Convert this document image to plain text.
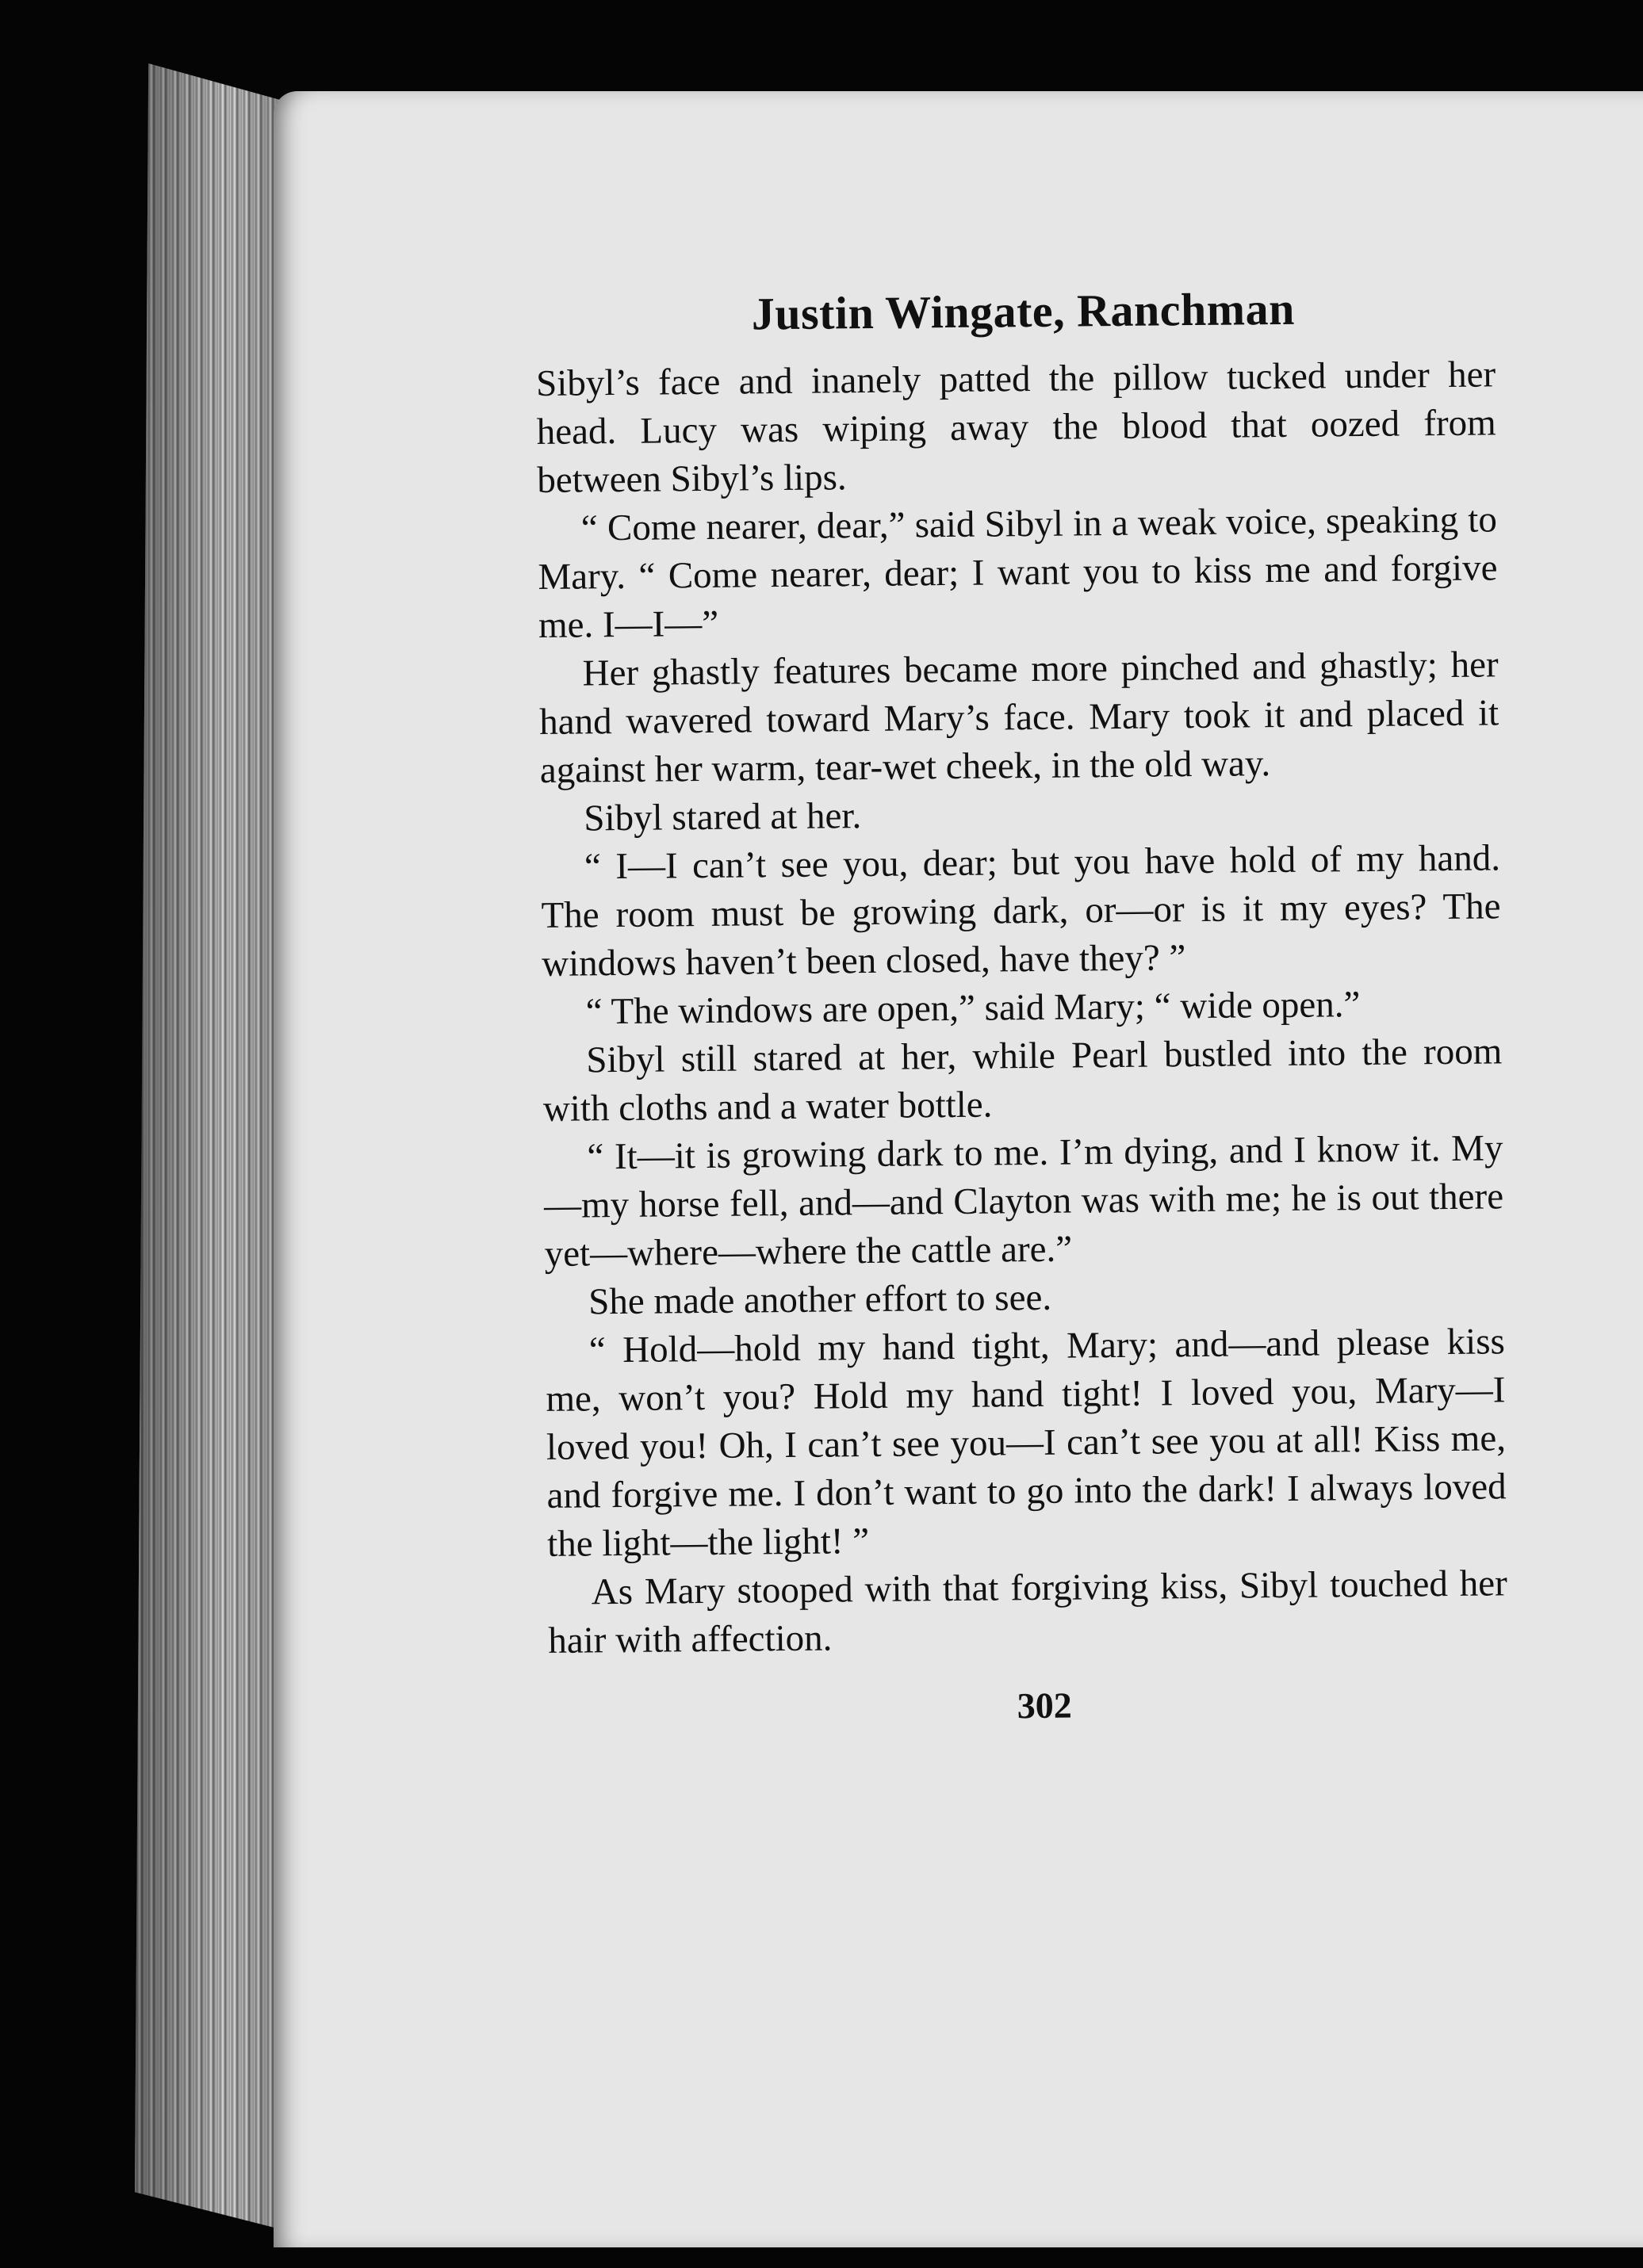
Justin Wingate, Ranchman

Sibyl’s face and inanely patted the pillow tucked under her head. Lucy was wiping away the blood that oozed from between Sibyl’s lips.

“ Come nearer, dear,” said Sibyl in a weak voice, speaking to Mary. “ Come nearer, dear; I want you to kiss me and forgive me. I—I—”

Her ghastly features became more pinched and ghastly; her hand wavered toward Mary’s face. Mary took it and placed it against her warm, tear-wet cheek, in the old way.

Sibyl stared at her.

“ I—I can’t see you, dear; but you have hold of my hand. The room must be growing dark, or—or is it my eyes? The windows haven’t been closed, have they? ”

“ The windows are open,” said Mary; “ wide open.”

Sibyl still stared at her, while Pearl bustled into the room with cloths and a water bottle.

“ It—it is growing dark to me. I’m dying, and I know it. My—my horse fell, and—and Clayton was with me; he is out there yet—where—where the cattle are.”

She made another effort to see.

“ Hold—hold my hand tight, Mary; and—and please kiss me, won’t you? Hold my hand tight! I loved you, Mary—I loved you! Oh, I can’t see you—I can’t see you at all! Kiss me, and forgive me. I don’t want to go into the dark! I always loved the light—the light! ”

As Mary stooped with that forgiving kiss, Sibyl touched her hair with affection.

302
